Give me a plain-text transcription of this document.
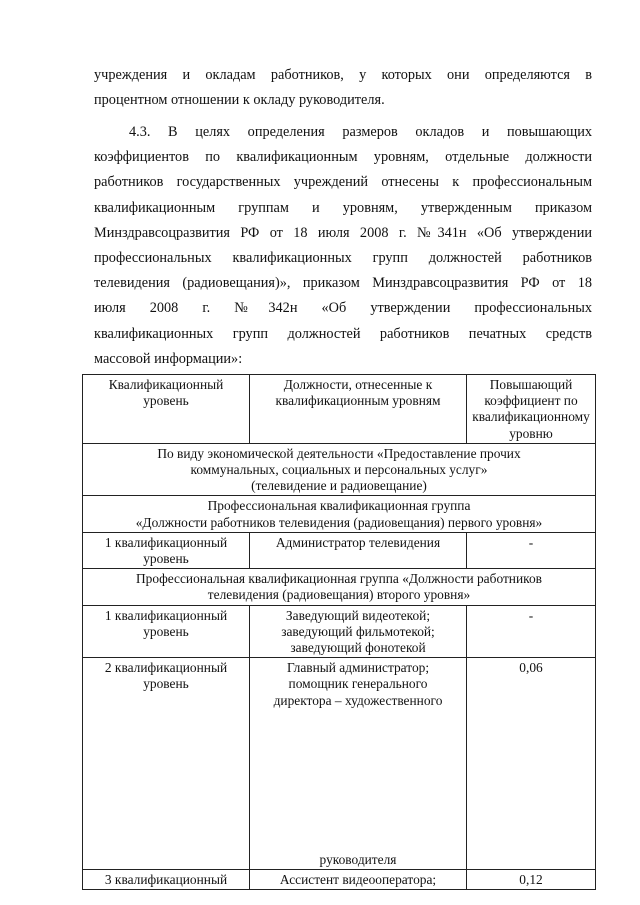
учреждения и окладам работников, у которых они определяются в
процентном отношении к окладу руководителя.
4.3. В целях определения размеров окладов и повышающих
коэффициентов по квалификационным уровням, отдельные должности
работников государственных учреждений отнесены к профессиональным
квалификационным группам и уровням, утвержденным приказом
Минздравсоцразвития РФ от 18 июля 2008 г. №341н «Об утверждении
профессиональных квалификационных групп должностей работников
телевидения (радиовещания)», приказом Минздравсоцразвития РФ от 18
июля 2008 г. №342н «Об утверждении профессиональных
квалификационных групп должностей работников печатных средств
массовой информации»:
Квалификационный уровень	Должности, отнесенные к квалификационным уровням	Повышающий коэффициент по квалификационному уровню

По виду экономической деятельности «Предоставление прочих
коммунальных, социальных и персональных услуг»
(телевидение и радиовещание)		

Профессиональная квалификационная группа
«Должности работников телевидения (радиовещания) первого уровня»		

1 квалификационный уровень	Администратор телевидения	-

Профессиональная квалификационная группа «Должности работников
телевидения (радиовещания) второго уровня»		

1 квалификационный уровень	Заведующий видеотекой;
заведующий фильмотекой;
заведующий фонотекой	-
2 квалификационный уровень	Главный администратор;
помощник генерального
директора – художественного
руководителя	0,06
3 квалификационный	Ассистент видеооператора;	0,12
